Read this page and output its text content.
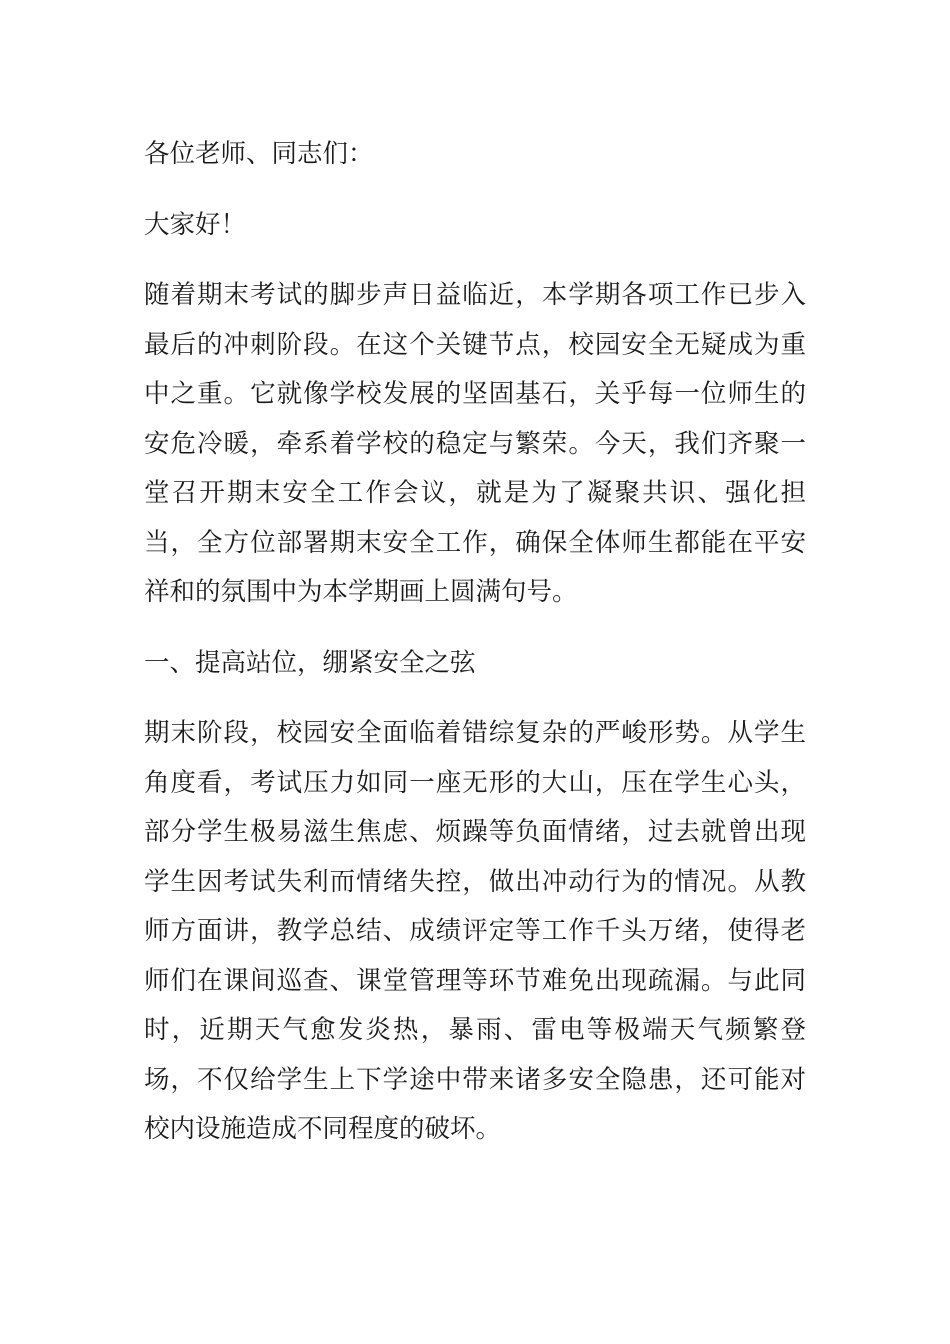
各位老师、同志们：

大家好！

随着期末考试的脚步声日益临近，本学期各项工作已步入最后的冲刺阶段。在这个关键节点，校园安全无疑成为重中之重。它就像学校发展的坚固基石，关乎每一位师生的安危冷暖，牵系着学校的稳定与繁荣。今天，我们齐聚一堂召开期末安全工作会议，就是为了凝聚共识、强化担当，全方位部署期末安全工作，确保全体师生都能在平安祥和的氛围中为本学期画上圆满句号。

一、提高站位，绷紧安全之弦

期末阶段，校园安全面临着错综复杂的严峻形势。从学生角度看，考试压力如同一座无形的大山，压在学生心头，部分学生极易滋生焦虑、烦躁等负面情绪，过去就曾出现学生因考试失利而情绪失控，做出冲动行为的情况。从教师方面讲，教学总结、成绩评定等工作千头万绪，使得老师们在课间巡查、课堂管理等环节难免出现疏漏。与此同时，近期天气愈发炎热，暴雨、雷电等极端天气频繁登场，不仅给学生上下学途中带来诸多安全隐患，还可能对校内设施造成不同程度的破坏。
